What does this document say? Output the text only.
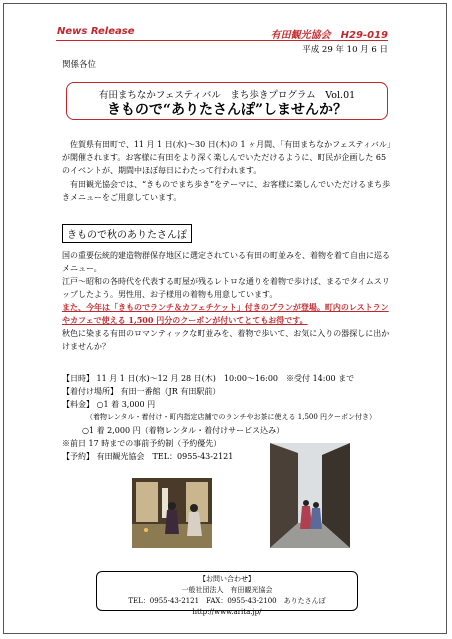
News Release	有田観光協会　H29-019
平成 29 年 10 月 6 日
関係各位
有田まちなかフェスティバル　まち歩きプログラム　Vol.01
きもので“ありたさんぽ”しませんか？
佐賀県有田町で、11 月 1 日(水)～30 日(木)の 1 ヶ月間、「有田まちなかフェスティバル」が開催されます。お客様に有田をより深く楽しんでいただけるように、町民が企画した 65 のイベントが、期間中ほぼ毎日にわたって行われます。
有田観光協会では、“きものでまち歩き”をテーマに、お客様に楽しんでいただけるまち歩きメニューをご用意しています。
きもので秋のありたさんぽ
国の重要伝統的建造物群保存地区に選定されている有田の町並みを、着物を着て自由に巡るメニュー。
江戸～昭和の各時代を代表する町屋が残るレトロな通りを着物で歩けば、まるでタイムスリップしたよう。男性用、お子様用の着物も用意しています。
また、今年は「きものでランチ＆カフェチケット」付きのプランが登場。町内のレストランやカフェで使える 1,500 円分のクーポンが付いてとてもお得です。
秋色に染まる有田のロマンティックな町並みを、着物で歩いて、お気に入りの器探しに出かけませんか？
【日時】 11 月 1 日(水)～12 月 28 日(木)　10:00～16:00　※受付 14:00 まで
【着付け場所】 有田一番館（JR 有田駅前）
【料金】 ○1 着 3,000 円
（着物レンタル・着付け・町内指定店舗でのランチやお茶に使える 1,500 円クーポン付き）
○1 着 2,000 円（着物レンタル・着付けサービス込み）
※前日 17 時までの事前予約制（予約優先）
【予約】 有田観光協会　TEL：0955-43-2121
【お問い合わせ】
一般社団法人　有田観光協会
TEL：0955-43-2121　FAX：0955-43-2100　ありたさんぽ　http://www.arita.jp/
